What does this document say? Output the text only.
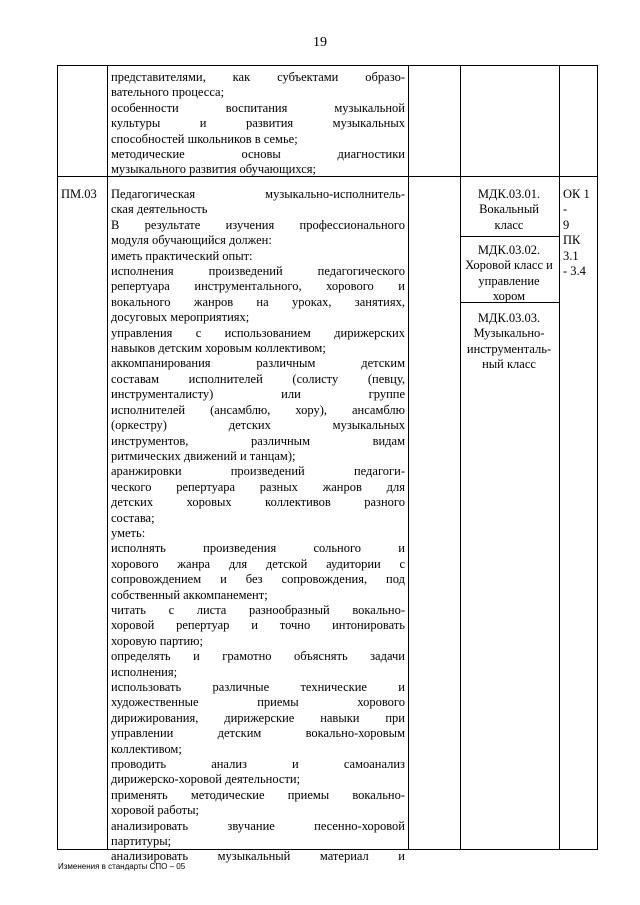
19
представителями, как субъектами образо-
вательного процесса;
особенности воспитания музыкальной
культуры и развития музыкальных
способностей школьников в семье;
методические основы диагностики
музыкального развития обучающихся;
ПМ.03	Педагогическая музыкально-исполнитель-
ская деятельность
В результате изучения профессионального
модуля обучающийся должен:
иметь практический опыт:
исполнения произведений педагогического
репертуара инструментального, хорового и
вокального жанров на уроках, занятиях,
досуговых мероприятиях;
управления с использованием дирижерских
навыков детским хоровым коллективом;
аккомпанирования различным детским
составам исполнителей (солисту (певцу,
инструменталисту) или группе
исполнителей (ансамблю, хору), ансамблю
(оркестру) детских музыкальных
инструментов, различным видам
ритмических движений и танцам);
аранжировки произведений педагоги-
ческого репертуара разных жанров для
детских хоровых коллективов разного
состава;
уметь:
исполнять произведения сольного и
хорового жанра для детской аудитории с
сопровождением и без сопровождения, под
собственный аккомпанемент;
читать с листа разнообразный вокально-
хоровой репертуар и точно интонировать
хоровую партию;
определять и грамотно объяснять задачи
исполнения;
использовать различные технические и
художественные приемы хорового
дирижирования, дирижерские навыки при
управлении детским вокально-хоровым
коллективом;
проводить анализ и самоанализ
дирижерско-хоровой деятельности;
применять методические приемы вокально-
хоровой работы;
анализировать звучание песенно-хоровой
партитуры;
анализировать музыкальный материал и
МДК.03.01.
Вокальный
класс
МДК.03.02.
Хоровой класс и
управление
хором
МДК.03.03.
Музыкально-
инструменталь-
ный класс
ОК 1 -
9
ПК 3.1
- 3.4
Изменения в стандарты СПО – 05
